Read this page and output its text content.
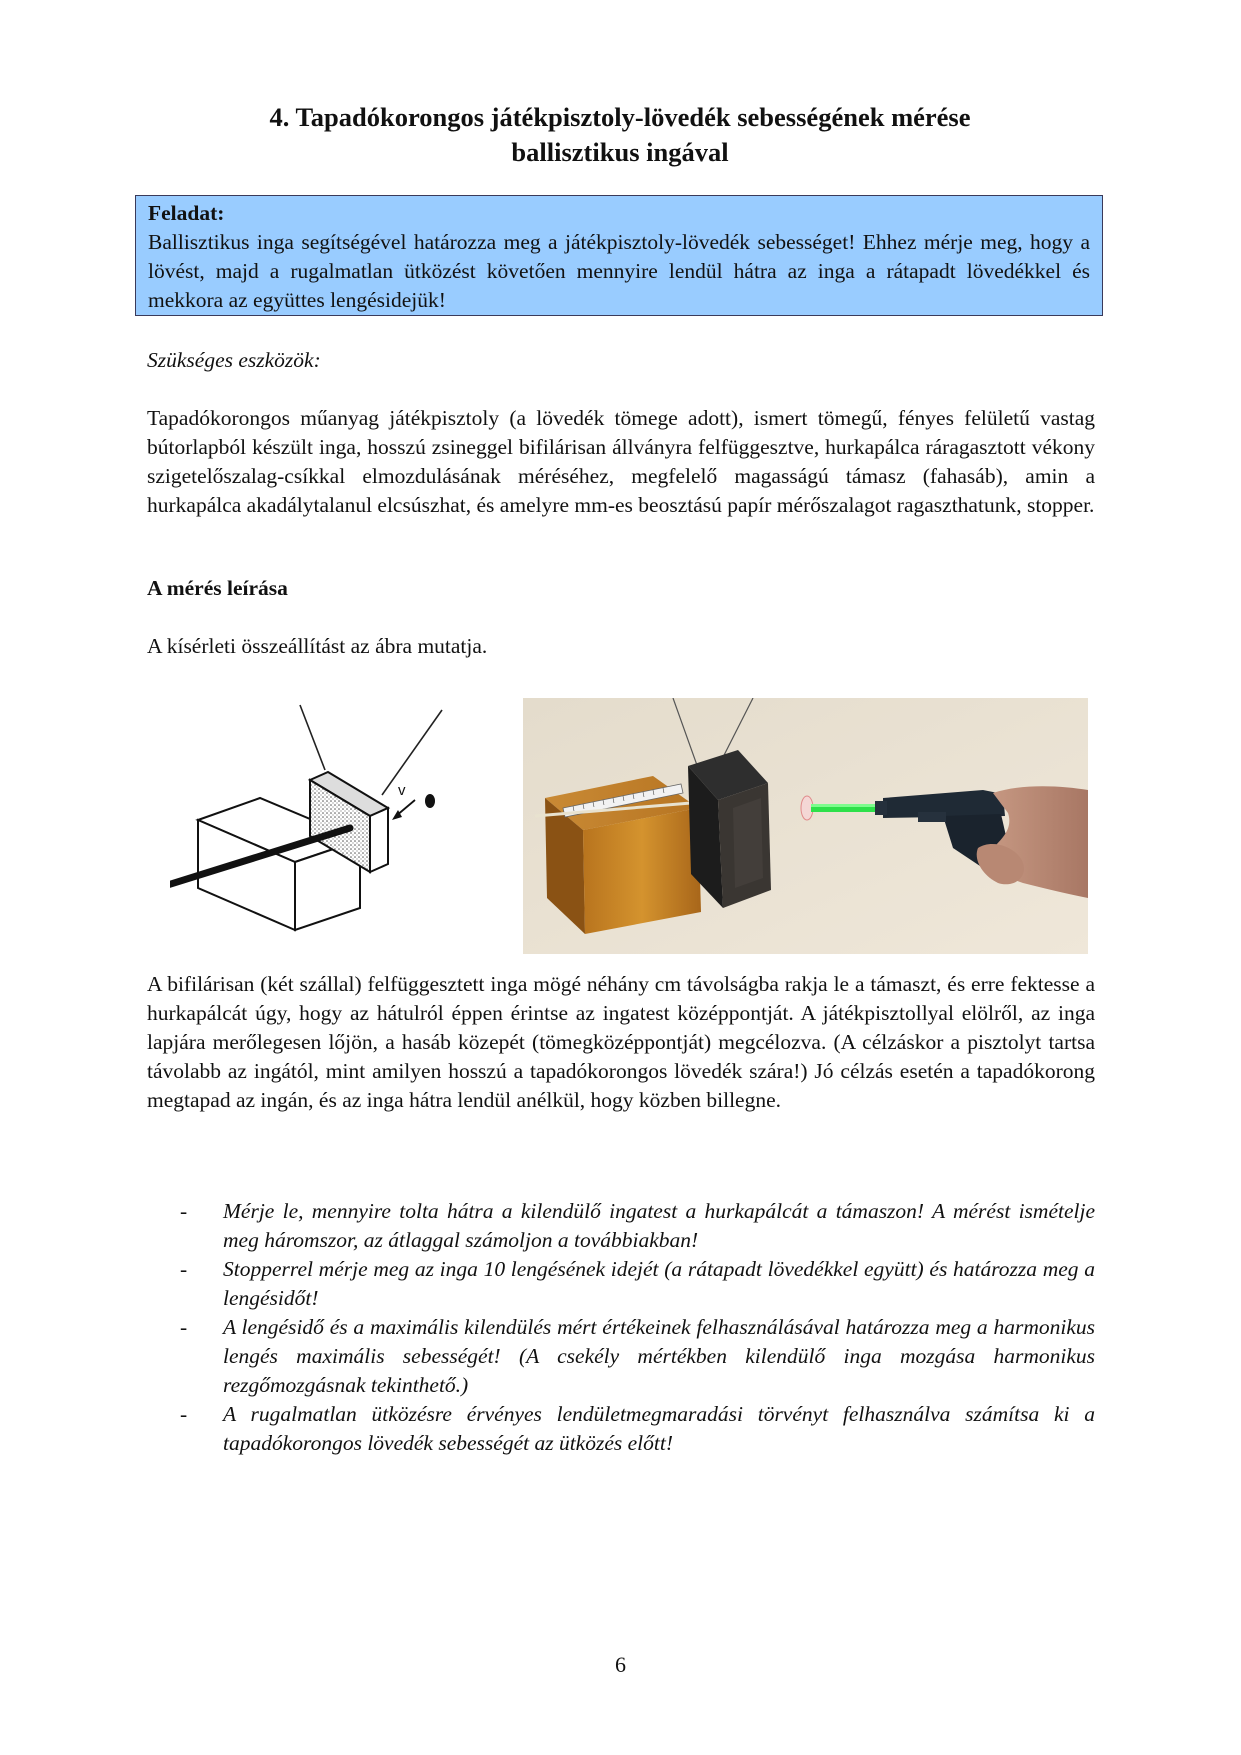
4. Tapadókorongos játékpisztoly-lövedék sebességének mérése
ballisztikus ingával
Feladat:
Ballisztikus inga segítségével határozza meg a játékpisztoly-lövedék sebességet! Ehhez mérje meg, hogy a lövést, majd a rugalmatlan ütközést követően mennyire lendül hátra az inga a rátapadt lövedékkel és mekkora az együttes lengésidejük!
Szükséges eszközök:
Tapadókorongos műanyag játékpisztoly (a lövedék tömege adott), ismert tömegű, fényes felületű vastag bútorlapból készült inga, hosszú zsineggel bifilárisan állványra felfüggesztve, hurkapálca ráragasztott vékony szigetelőszalag-csíkkal elmozdulásának méréséhez, megfelelő magasságú támasz (fahasáb), amin a hurkapálca akadálytalanul elcsúszhat, és amelyre mm-es beosztású papír mérőszalagot ragaszthatunk, stopper.
A mérés leírása
A kísérleti összeállítást az ábra mutatja.
v
A bifilárisan (két szállal) felfüggesztett inga mögé néhány cm távolságba rakja le a támaszt, és erre fektesse a hurkapálcát úgy, hogy az hátulról éppen érintse az ingatest középpontját. A játékpisztollyal elölről, az inga lapjára merőlegesen lőjön, a hasáb közepét (tömegközéppontját) megcélozva. (A célzáskor a pisztolyt tartsa távolabb az ingától, mint amilyen hosszú a tapadókorongos lövedék szára!) Jó célzás esetén a tapadókorong megtapad az ingán, és az inga hátra lendül anélkül, hogy közben billegne.
-	Mérje le, mennyire tolta hátra a kilendülő ingatest a hurkapálcát a támaszon! A mérést ismételje meg háromszor, az átlaggal számoljon a továbbiakban!
-	Stopperrel mérje meg az inga 10 lengésének idejét (a rátapadt lövedékkel együtt) és határozza meg a lengésidőt!
-	A lengésidő és a maximális kilendülés mért értékeinek felhasználásával határozza meg a harmonikus lengés maximális sebességét! (A csekély mértékben kilendülő inga mozgása harmonikus rezgőmozgásnak tekinthető.)
-	A rugalmatlan ütközésre érvényes lendületmegmaradási törvényt felhasználva számítsa ki a tapadókorongos lövedék sebességét az ütközés előtt!
6
